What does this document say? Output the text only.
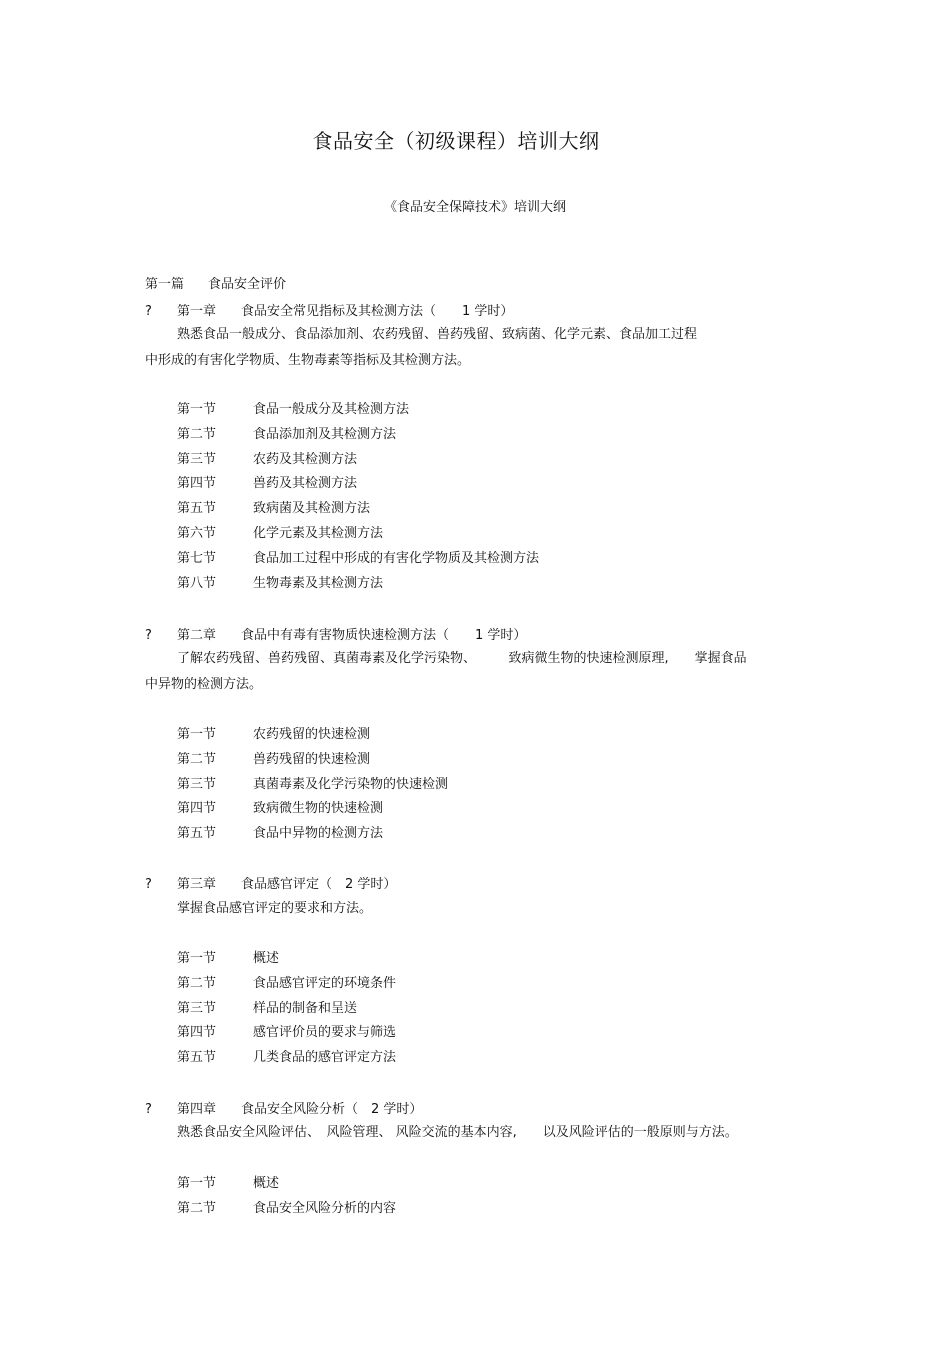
食品安全（初级课程）培训大纲
《食品安全保障技术》培训大纲
第一篇 食品安全评价
? 第一章 食品安全常见指标及其检测方法（　　1 学时）
熟悉食品一般成分、食品添加剂、农药残留、兽药残留、致病菌、化学元素、食品加工过程
中形成的有害化学物质、生物毒素等指标及其检测方法。
第一节	食品一般成分及其检测方法
第二节	食品添加剂及其检测方法
第三节	农药及其检测方法
第四节	兽药及其检测方法
第五节	致病菌及其检测方法
第六节	化学元素及其检测方法
第七节	食品加工过程中形成的有害化学物质及其检测方法
第八节	生物毒素及其检测方法
? 第二章 食品中有毒有害物质快速检测方法（　　1 学时）
了解农药残留、兽药残留、真菌毒素及化学污染物、　　　致病微生物的快速检测原理,　　掌握食品
中异物的检测方法。
第一节	农药残留的快速检测
第二节	兽药残留的快速检测
第三节	真菌毒素及化学污染物的快速检测
第四节	致病微生物的快速检测
第五节	食品中异物的检测方法
? 第三章 食品感官评定（　2 学时）
掌握食品感官评定的要求和方法。
第一节	概述
第二节	食品感官评定的环境条件
第三节	样品的制备和呈送
第四节	感官评价员的要求与筛选
第五节	几类食品的感官评定方法
? 第四章 食品安全风险分析（　2 学时）
熟悉食品安全风险评估、　风险管理、 风险交流的基本内容,　　以及风险评估的一般原则与方法。
第一节	概述
第二节	食品安全风险分析的内容
